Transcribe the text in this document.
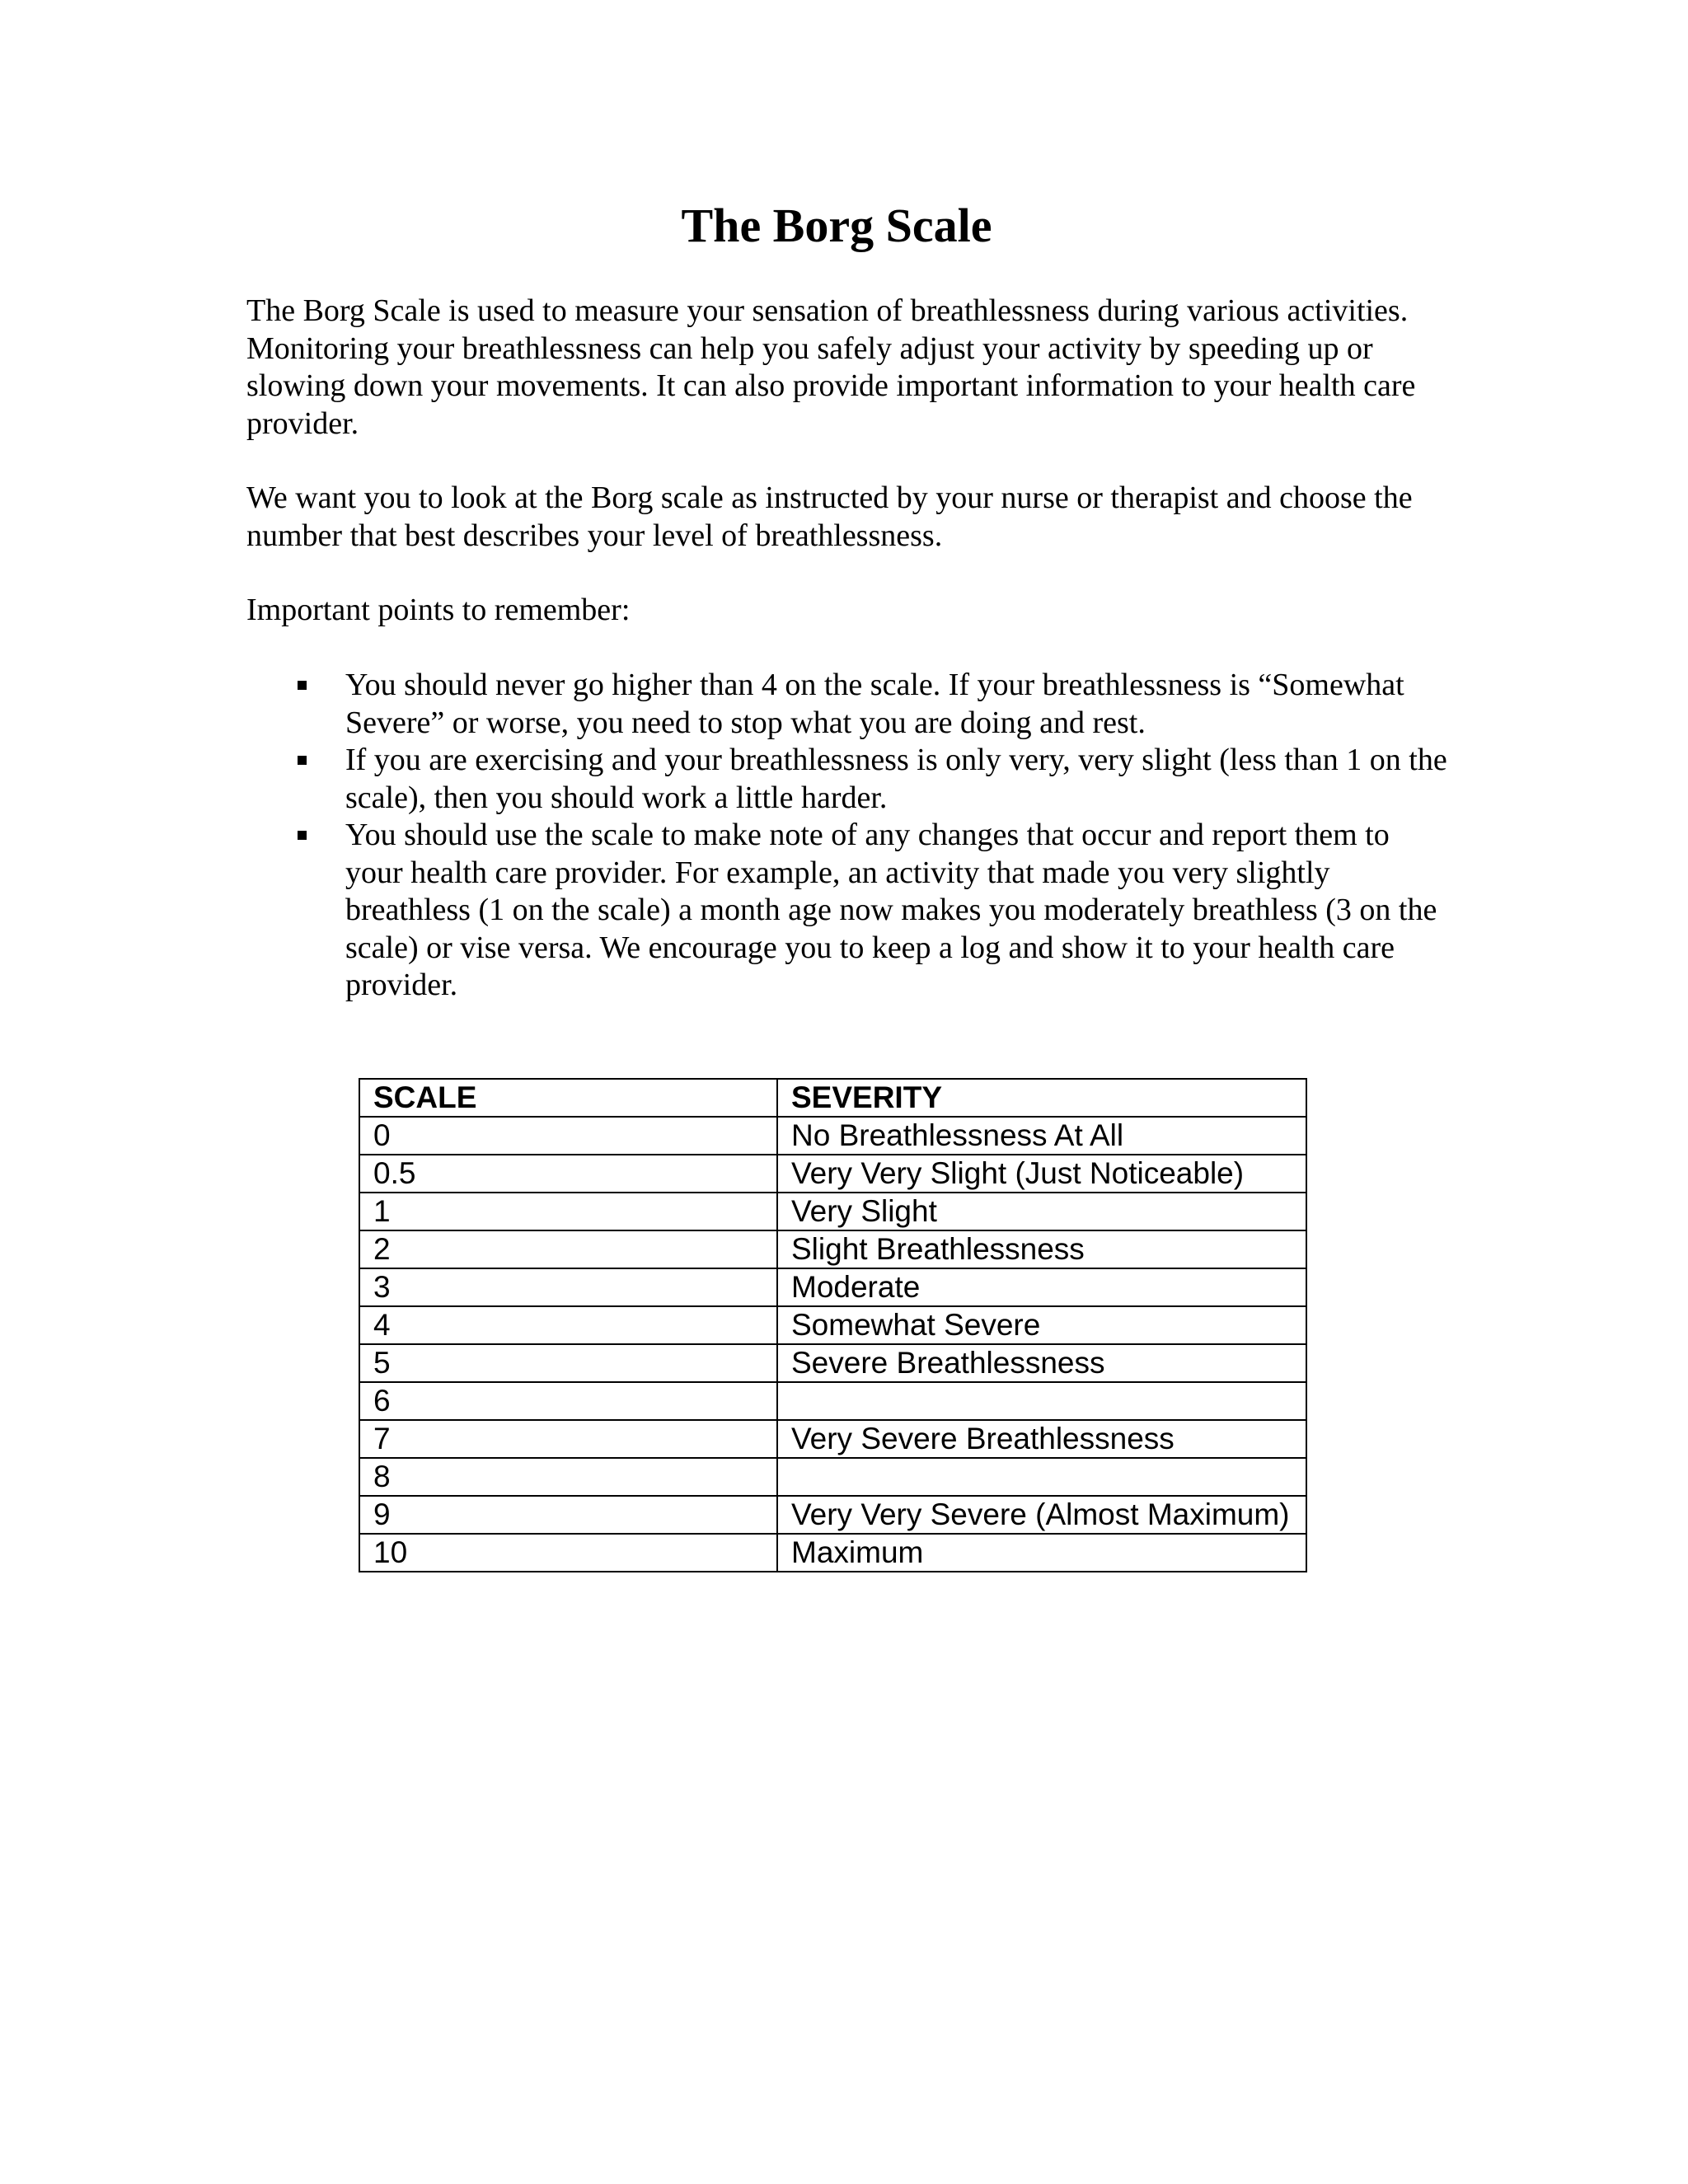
The Borg Scale

The Borg Scale is used to measure your sensation of breathlessness during various activities. Monitoring your breathlessness can help you safely adjust your activity by speeding up or slowing down your movements. It can also provide important information to your health care provider.

We want you to look at the Borg scale as instructed by your nurse or therapist and choose the number that best describes your level of breathlessness.

Important points to remember:

You should never go higher than 4 on the scale. If your breathlessness is “Somewhat Severe” or worse, you need to stop what you are doing and rest.
If you are exercising and your breathlessness is only very, very slight (less than 1 on the scale), then you should work a little harder.
You should use the scale to make note of any changes that occur and report them to your health care provider. For example, an activity that made you very slightly breathless (1 on the scale) a month age now makes you moderately breathless (3 on the scale) or vise versa. We encourage you to keep a log and show it to your health care provider.
SCALE	SEVERITY
0	No Breathlessness At All
0.5	Very Very Slight (Just Noticeable)
1	Very Slight
2	Slight Breathlessness
3	Moderate
4	Somewhat Severe
5	Severe Breathlessness
6	
7	Very Severe Breathlessness
8	
9	Very Very Severe (Almost Maximum)
10	Maximum
